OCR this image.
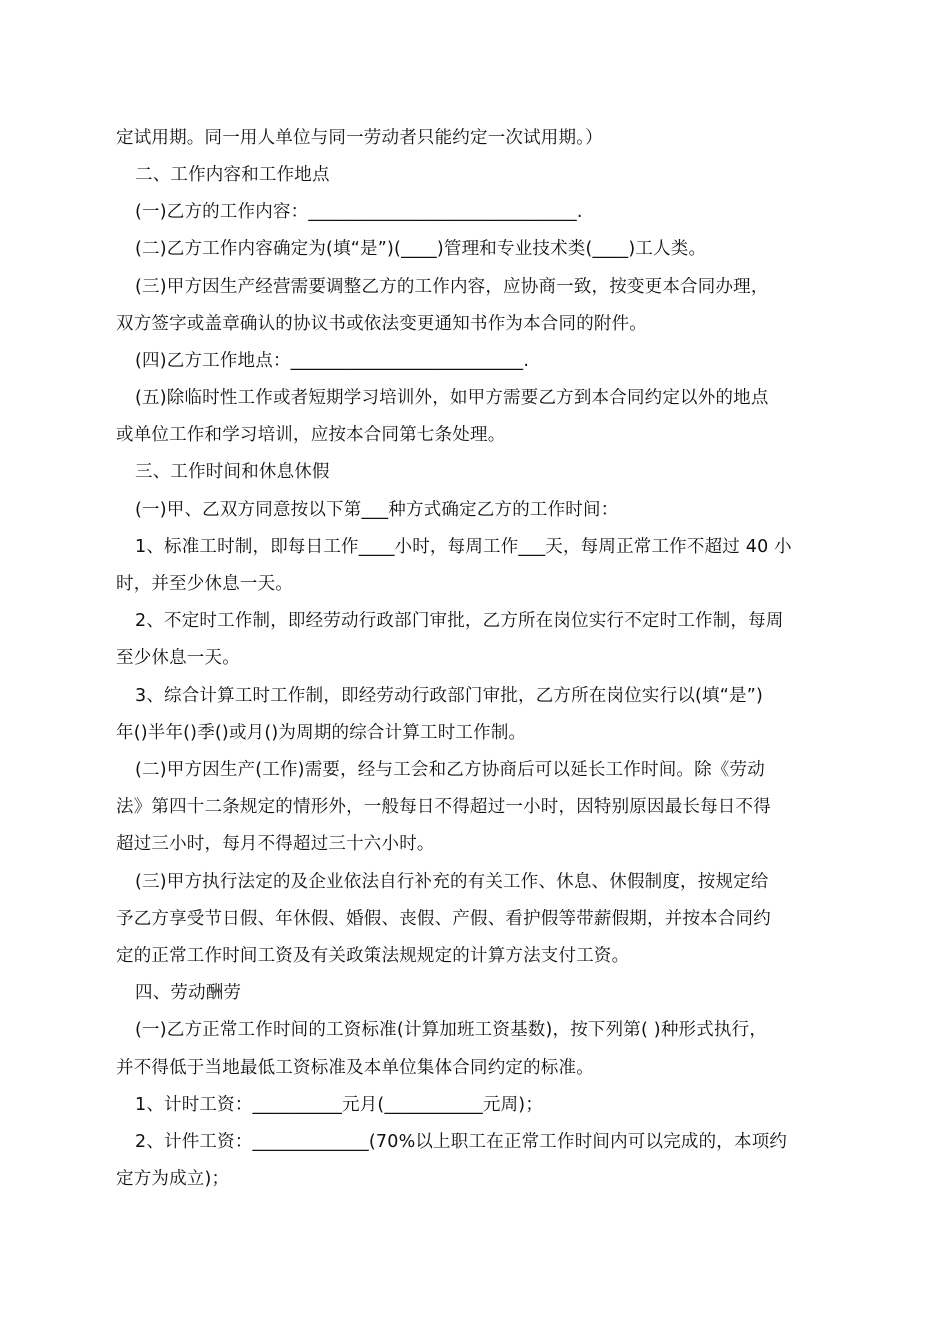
定试用期。同一用人单位与同一劳动者只能约定一次试用期。）
二、工作内容和工作地点
(一)乙方的工作内容：______________________________.
(二)乙方工作内容确定为(填“是”)(____)管理和专业技术类(____)工人类。
(三)甲方因生产经营需要调整乙方的工作内容，应协商一致，按变更本合同办理，
双方签字或盖章确认的协议书或依法变更通知书作为本合同的附件。
(四)乙方工作地点：__________________________.
(五)除临时性工作或者短期学习培训外，如甲方需要乙方到本合同约定以外的地点
或单位工作和学习培训，应按本合同第七条处理。
三、工作时间和休息休假
(一)甲、乙双方同意按以下第___种方式确定乙方的工作时间：
1、标准工时制，即每日工作____小时，每周工作___天，每周正常工作不超过 40 小
时，并至少休息一天。
2、不定时工作制，即经劳动行政部门审批，乙方所在岗位实行不定时工作制，每周
至少休息一天。
3、综合计算工时工作制，即经劳动行政部门审批，乙方所在岗位实行以(填“是”)
年()半年()季()或月()为周期的综合计算工时工作制。
(二)甲方因生产(工作)需要，经与工会和乙方协商后可以延长工作时间。除《劳动
法》第四十二条规定的情形外，一般每日不得超过一小时，因特别原因最长每日不得
超过三小时，每月不得超过三十六小时。
(三)甲方执行法定的及企业依法自行补充的有关工作、休息、休假制度，按规定给
予乙方享受节日假、年休假、婚假、丧假、产假、看护假等带薪假期，并按本合同约
定的正常工作时间工资及有关政策法规规定的计算方法支付工资。
四、劳动酬劳
(一)乙方正常工作时间的工资标准(计算加班工资基数)，按下列第( )种形式执行，
并不得低于当地最低工资标准及本单位集体合同约定的标准。
1、计时工资：__________元月(___________元周)；
2、计件工资：_____________(70%以上职工在正常工作时间内可以完成的，本项约
定方为成立)；
